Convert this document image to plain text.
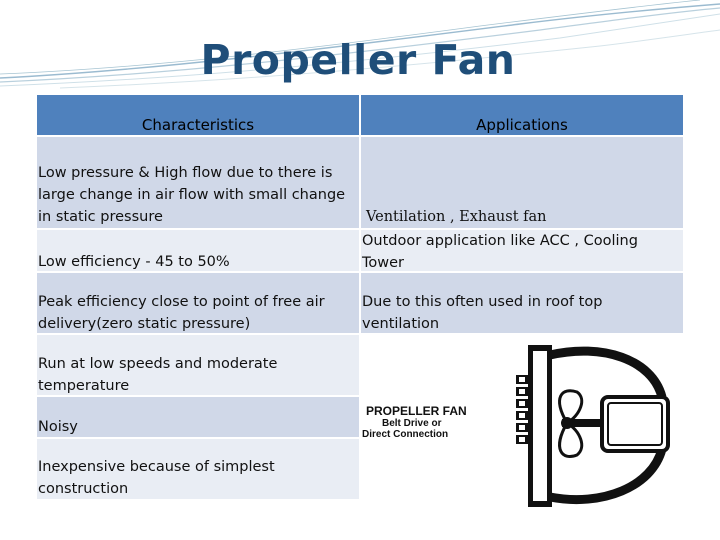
Propeller Fan
Characteristics	Applications
Low pressure & High flow due to there is large change in air flow with small change in static pressure
Low efficiency - 45 to 50%
Peak efficiency close to point of free air delivery(zero static pressure)
Run at low speeds and moderate temperature
Noisy
Inexpensive because of simplest construction
Ventilation , Exhaust fan
Outdoor application like ACC , Cooling Tower
Due to this often used in roof top ventilation
PROPELLER FAN
Belt Drive or
Direct Connection
